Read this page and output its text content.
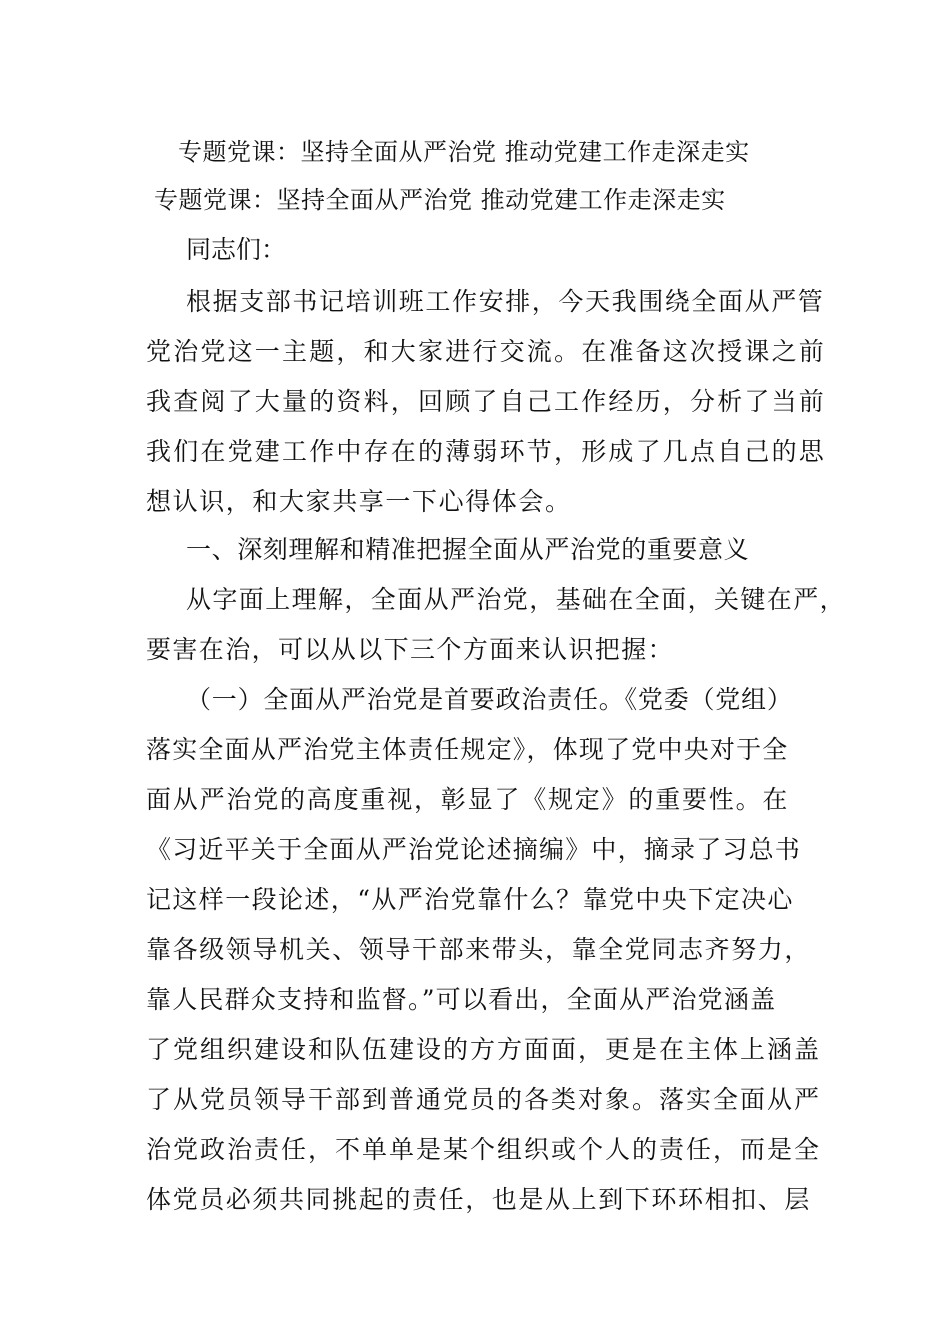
专题党课：坚持全面从严治党 推动党建工作走深走实
专题党课：坚持全面从严治党 推动党建工作走深走实
同志们：
根据支部书记培训班工作安排，今天我围绕全面从严管
党治党这一主题，和大家进行交流。在准备这次授课之前
我查阅了大量的资料，回顾了自己工作经历，分析了当前
我们在党建工作中存在的薄弱环节，形成了几点自己的思
想认识，和大家共享一下心得体会。
一、深刻理解和精准把握全面从严治党的重要意义
从字面上理解，全面从严治党，基础在全面，关键在严，
要害在治，可以从以下三个方面来认识把握：
（一）全面从严治党是首要政治责任。《党委（党组）
落实全面从严治党主体责任规定》，体现了党中央对于全
面从严治党的高度重视，彰显了《规定》的重要性。在
《习近平关于全面从严治党论述摘编》中，摘录了习总书
记这样一段论述，“从严治党靠什么？靠党中央下定决心
靠各级领导机关、领导干部来带头，靠全党同志齐努力，
靠人民群众支持和监督。”可以看出，全面从严治党涵盖
了党组织建设和队伍建设的方方面面，更是在主体上涵盖
了从党员领导干部到普通党员的各类对象。落实全面从严
治党政治责任，不单单是某个组织或个人的责任，而是全
体党员必须共同挑起的责任，也是从上到下环环相扣、层
